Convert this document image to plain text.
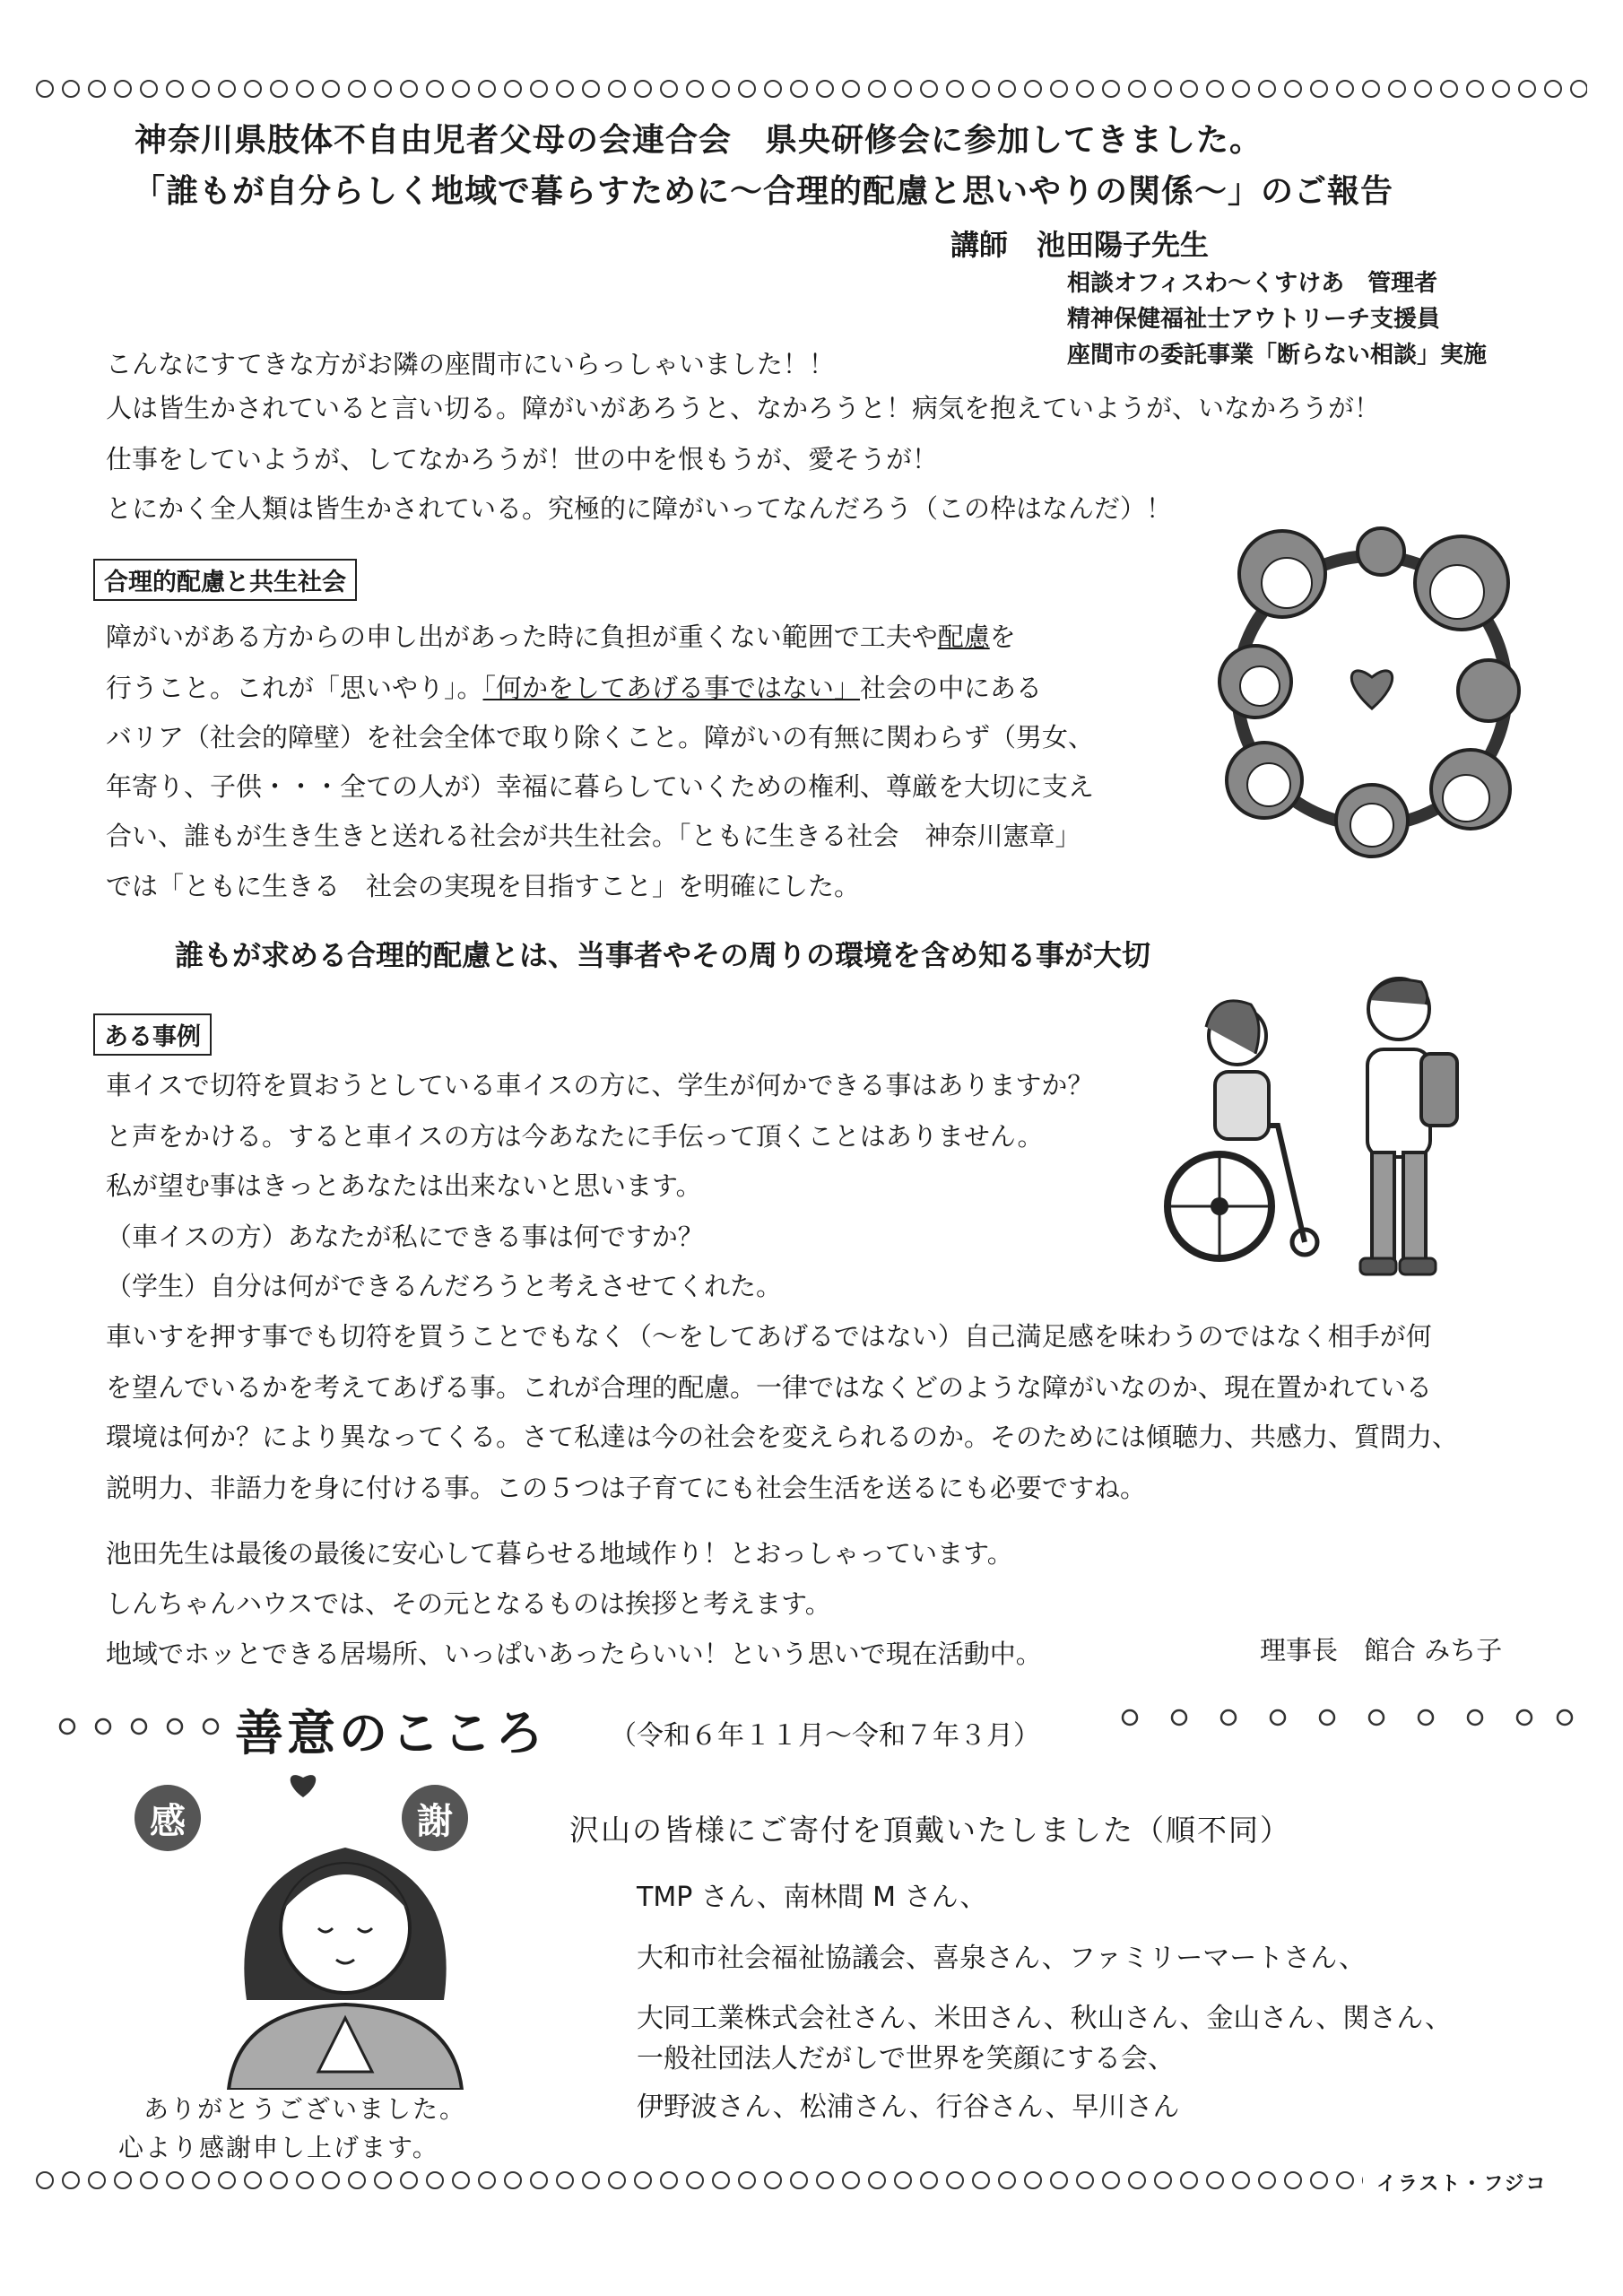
神奈川県肢体不自由児者父母の会連合会　県央研修会に参加してきました。
「誰もが自分らしく地域で暮らすために～合理的配慮と思いやりの関係～」のご報告
講師　池田陽子先生
相談オフィスわ～くすけあ　管理者
精神保健福祉士アウトリーチ支援員
座間市の委託事業「断らない相談」実施
こんなにすてきな方がお隣の座間市にいらっしゃいました！！
人は皆生かされていると言い切る。障がいがあろうと、なかろうと！病気を抱えていようが、いなかろうが！
仕事をしていようが、してなかろうが！世の中を恨もうが、愛そうが！
とにかく全人類は皆生かされている。究極的に障がいってなんだろう（この枠はなんだ）！
合理的配慮と共生社会
障がいがある方からの申し出があった時に負担が重くない範囲で工夫や配慮を
行うこと。これが「思いやり」。「何かをしてあげる事ではない」社会の中にある
バリア（社会的障壁）を社会全体で取り除くこと。障がいの有無に関わらず（男女、
年寄り、子供・・・全ての人が）幸福に暮らしていくための権利、尊厳を大切に支え
合い、誰もが生き生きと送れる社会が共生社会。「ともに生きる社会　神奈川憲章」
では「ともに生きる　社会の実現を目指すこと」を明確にした。
誰もが求める合理的配慮とは、当事者やその周りの環境を含め知る事が大切
ある事例
車イスで切符を買おうとしている車イスの方に、学生が何かできる事はありますか？
と声をかける。すると車イスの方は今あなたに手伝って頂くことはありません。
私が望む事はきっとあなたは出来ないと思います。
（車イスの方）あなたが私にできる事は何ですか？
（学生）自分は何ができるんだろうと考えさせてくれた。
車いすを押す事でも切符を買うことでもなく（～をしてあげるではない）自己満足感を味わうのではなく相手が何
を望んでいるかを考えてあげる事。これが合理的配慮。一律ではなくどのような障がいなのか、現在置かれている
環境は何か？により異なってくる。さて私達は今の社会を変えられるのか。そのためには傾聴力、共感力、質問力、
説明力、非語力を身に付ける事。この５つは子育てにも社会生活を送るにも必要ですね。
池田先生は最後の最後に安心して暮らせる地域作り！とおっしゃっています。
しんちゃんハウスでは、その元となるものは挨拶と考えます。
地域でホッとできる居場所、いっぱいあったらいい！という思いで現在活動中。	理事長　館合 みち子
善意のこころ （令和６年１１月～令和７年３月）
感	謝	沢山の皆様にご寄付を頂戴いたしました（順不同）
TMP さん、南林間 M さん、
大和市社会福祉協議会、喜泉さん、ファミリーマートさん、
大同工業株式会社さん、米田さん、秋山さん、金山さん、関さん、
一般社団法人だがしで世界を笑顔にする会、
伊野波さん、松浦さん、行谷さん、早川さん
ありがとうございました。
心より感謝申し上げます。
イラスト・フジコ
